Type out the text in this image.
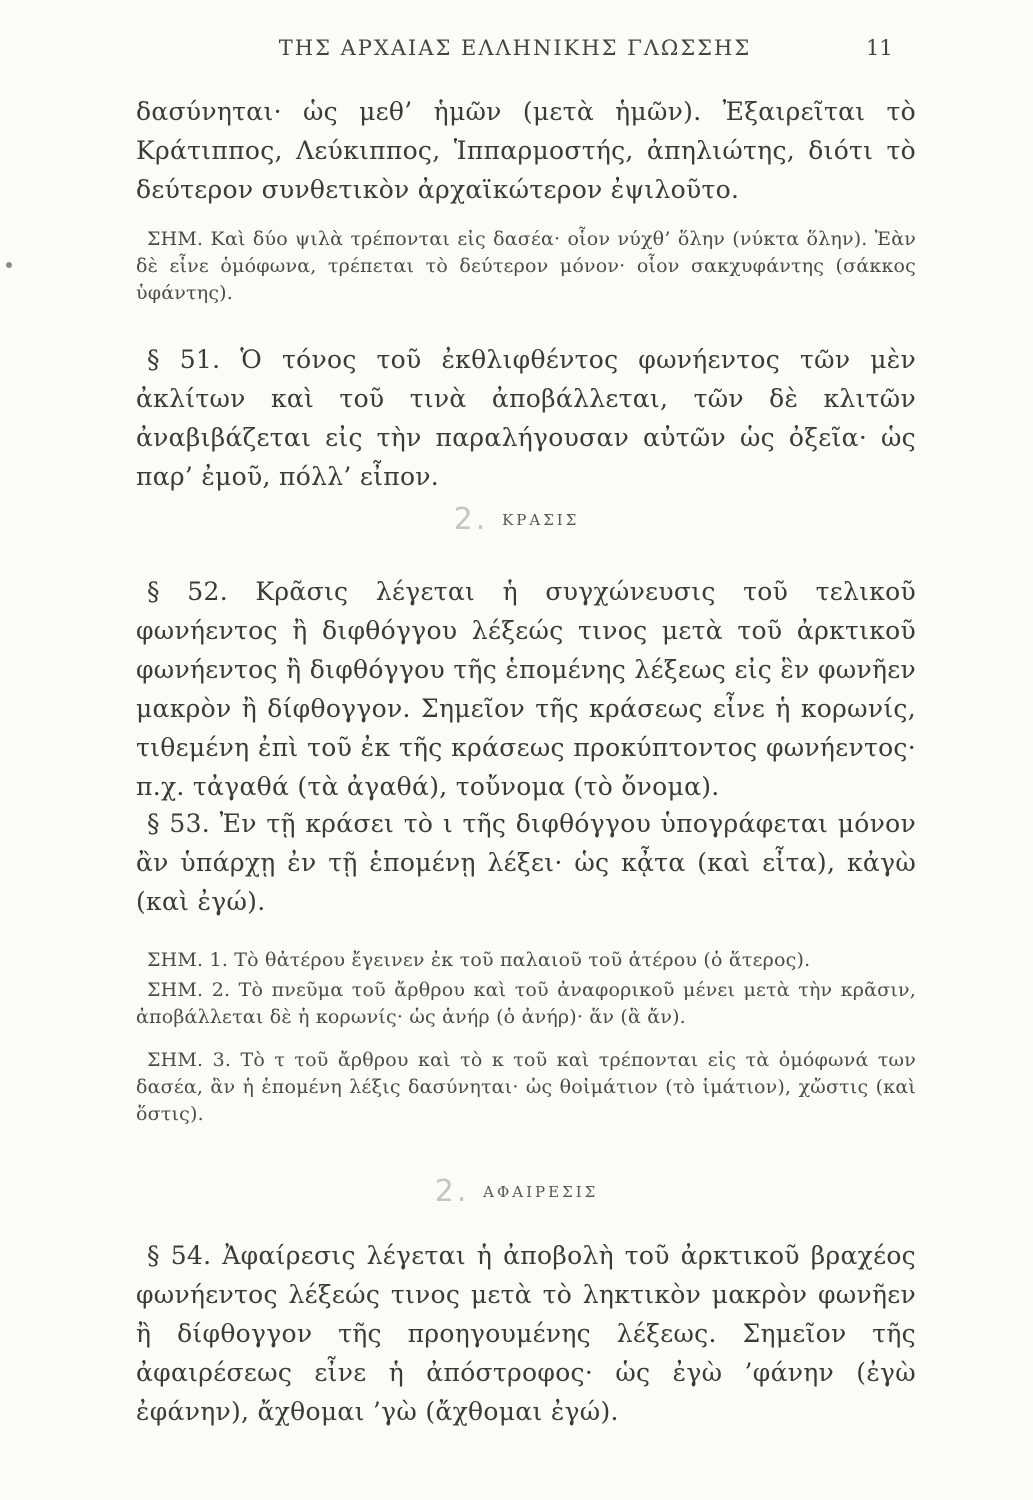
ΤΗΣ ΑΡΧΑΙΑΣ ΕΛΛΗΝΙΚΗΣ ΓΛΩΣΣΗΣ	11

δασύνηται· ὡς μεθ’ ἡμῶν (μετὰ ἡμῶν). Ἐξαιρεῖται τὸ Κράτιππος, Λεύκιππος, Ἱππαρμοστής, ἀπηλιώτης, διότι τὸ δεύτερον συνθετικὸν ἀρχαϊκώτερον ἐψιλοῦτο.

ΣΗΜ. Καὶ δύο ψιλὰ τρέπονται εἰς δασέα· οἷον νύχθ’ ὅλην (νύκτα ὅλην). Ἐὰν δὲ εἶνε ὁμόφωνα, τρέπεται τὸ δεύτερον μόνον· οἷον σακχυφάντης (σάκκος ὑφάντης).

§ 51. Ὁ τόνος τοῦ ἐκθλιφθέντος φωνήεντος τῶν μὲν ἀκλίτων καὶ τοῦ τινὰ ἀποβάλλεται, τῶν δὲ κλιτῶν ἀναβιβάζεται εἰς τὴν παραλήγουσαν αὐτῶν ὡς ὀξεῖα· ὡς παρ’ ἐμοῦ, πόλλ’ εἶπον.

2. ΚΡΑΣΙΣ

§ 52. Κρᾶσις λέγεται ἡ συγχώνευσις τοῦ τελικοῦ φωνήεντος ἢ διφθόγγου λέξεώς τινος μετὰ τοῦ ἀρκτικοῦ φωνήεντος ἢ διφθόγγου τῆς ἑπομένης λέξεως εἰς ἓν φωνῆεν μακρὸν ἢ δίφθογγον. Σημεῖον τῆς κράσεως εἶνε ἡ κορωνίς, τιθεμένη ἐπὶ τοῦ ἐκ τῆς κράσεως προκύπτοντος φωνήεντος· π.χ. τἀγαθά (τὰ ἀγαθά), τοὔνομα (τὸ ὄνομα).

§ 53. Ἐν τῇ κράσει τὸ ι τῆς διφθόγγου ὑπογράφεται μόνον ἂν ὑπάρχῃ ἐν τῇ ἑπομένῃ λέξει· ὡς κᾆτα (καὶ εἶτα), κἀγὼ (καὶ ἐγώ).

ΣΗΜ. 1. Τὸ θἀτέρου ἔγεινεν ἐκ τοῦ παλαιοῦ τοῦ ἁτέρου (ὁ ἅτερος).

ΣΗΜ. 2. Τὸ πνεῦμα τοῦ ἄρθρου καὶ τοῦ ἀναφορικοῦ μένει μετὰ τὴν κρᾶσιν, ἀποβάλλεται δὲ ἡ κορωνίς· ὡς ἁνήρ (ὁ ἀνήρ)· ἅν (ἃ ἄν).

ΣΗΜ. 3. Τὸ τ τοῦ ἄρθρου καὶ τὸ κ τοῦ καὶ τρέπονται εἰς τὰ ὁμόφωνά των δασέα, ἂν ἡ ἑπομένη λέξις δασύνηται· ὡς θοἰμάτιον (τὸ ἱμάτιον), χὤστις (καὶ ὅστις).

2. ΑΦΑΙΡΕΣΙΣ

§ 54. Ἀφαίρεσις λέγεται ἡ ἀποβολὴ τοῦ ἀρκτικοῦ βραχέος φωνήεντος λέξεώς τινος μετὰ τὸ ληκτικὸν μακρὸν φωνῆεν ἢ δίφθογγον τῆς προηγουμένης λέξεως. Σημεῖον τῆς ἀφαιρέσεως εἶνε ἡ ἀπόστροφος· ὡς ἐγὼ ’φάνην (ἐγὼ ἐφάνην), ἄχθομαι ’γὼ (ἄχθομαι ἐγώ).
